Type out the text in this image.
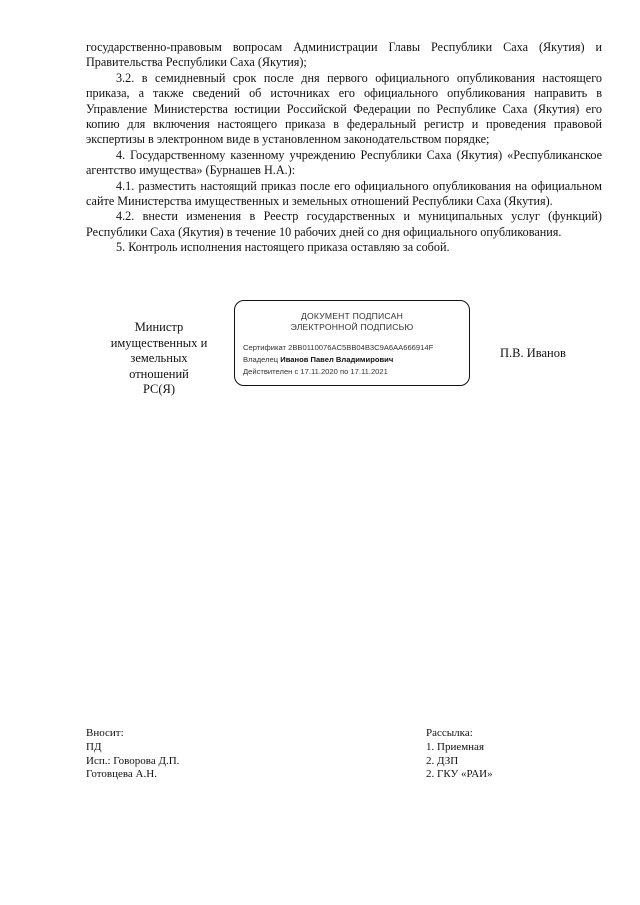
государственно-правовым вопросам Администрации Главы Республики Саха (Якутия) и Правительства Республики Саха (Якутия);

3.2. в семидневный срок после дня первого официального опубликования настоящего приказа, а также сведений об источниках его официального опубликования направить в Управление Министерства юстиции Российской Федерации по Республике Саха (Якутия) его копию для включения настоящего приказа в федеральный регистр и проведения правовой экспертизы в электронном виде в установленном законодательством порядке;

4. Государственному казенному учреждению Республики Саха (Якутия) «Республиканское агентство имущества» (Бурнашев Н.А.):

4.1. разместить настоящий приказ после его официального опубликования на официальном сайте Министерства имущественных и земельных отношений Республики Саха (Якутия).

4.2. внести изменения в Реестр государственных и муниципальных услуг (функций) Республики Саха (Якутия) в течение 10 рабочих дней со дня официального опубликования.

5. Контроль исполнения настоящего приказа оставляю за собой.

Министр
имущественных и
земельных отношений
РС(Я)
ДОКУМЕНТ ПОДПИСАН
ЭЛЕКТРОННОЙ ПОДПИСЬЮ
Сертификат 2BB0110076AC5BB04B3C9A6AA666914F
Владелец Иванов Павел Владимирович
Действителен с 17.11.2020 по 17.11.2021
П.В. Иванов
Вносит:
ПД
Исп.: Говорова Д.П.
Готовцева А.Н.
Рассылка:
1. Приемная
2. ДЗП
2. ГКУ «РАИ»
